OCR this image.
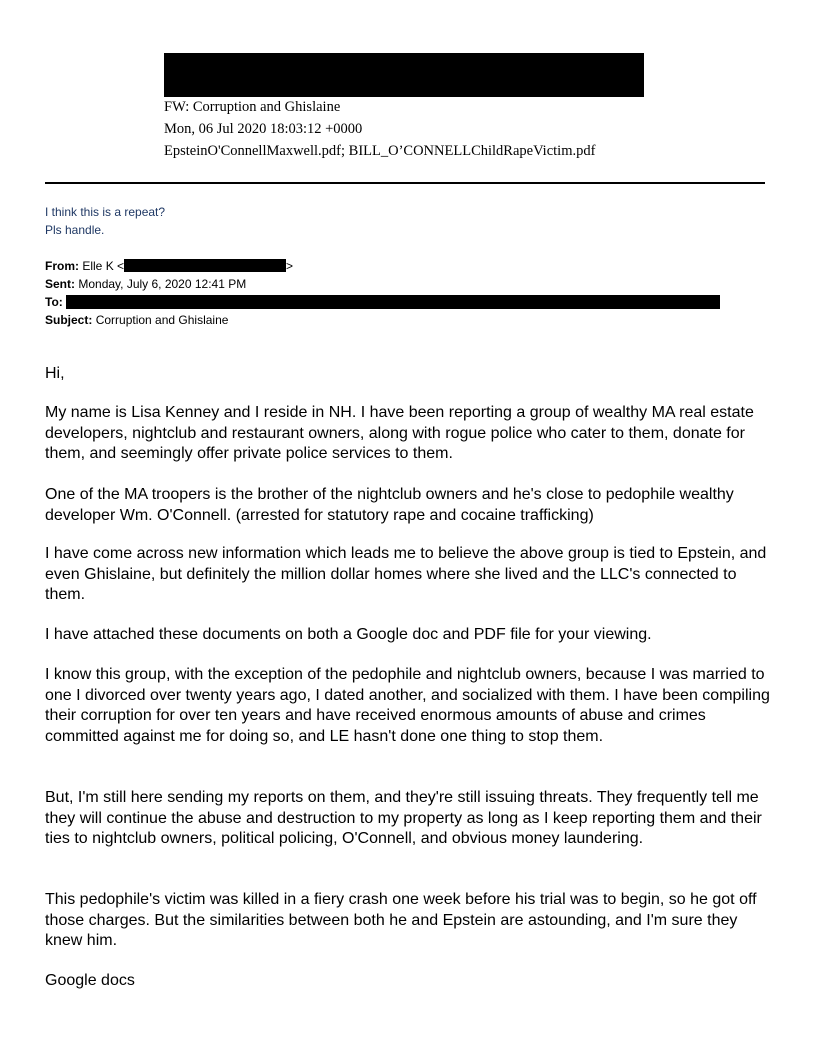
FW: Corruption and Ghislaine
Mon, 06 Jul 2020 18:03:12 +0000
EpsteinO'ConnellMaxwell.pdf; BILL_O’CONNELLChildRapeVictim.pdf
I think this is a repeat?
Pls handle.
From: Elle K <	>
Sent: Monday, July 6, 2020 12:41 PM
To:
Subject: Corruption and Ghislaine

Hi,

My name is Lisa Kenney and I reside in NH. I have been reporting a group of wealthy MA real estate developers, nightclub and restaurant owners, along with rogue police who cater to them, donate for them, and seemingly offer private police services to them.

One of the MA troopers is the brother of the nightclub owners and he's close to pedophile wealthy developer Wm. O'Connell. (arrested for statutory rape and cocaine trafficking)

I have come across new information which leads me to believe the above group is tied to Epstein, and even Ghislaine, but definitely the million dollar homes where she lived and the LLC's connected to them.

I have attached these documents on both a Google doc and PDF file for your viewing.

I know this group, with the exception of the pedophile and nightclub owners, because I was married to one I divorced over twenty years ago, I dated another, and socialized with them. I have been compiling their corruption for over ten years and have received enormous amounts of abuse and crimes committed against me for doing so, and LE hasn't done one thing to stop them.

But, I'm still here sending my reports on them, and they're still issuing threats. They frequently tell me they will continue the abuse and destruction to my property as long as I keep reporting them and their ties to nightclub owners, political policing, O'Connell, and obvious money laundering.

This pedophile's victim was killed in a fiery crash one week before his trial was to begin, so he got off those charges. But the similarities between both he and Epstein are astounding, and I'm sure they knew him.

Google docs
